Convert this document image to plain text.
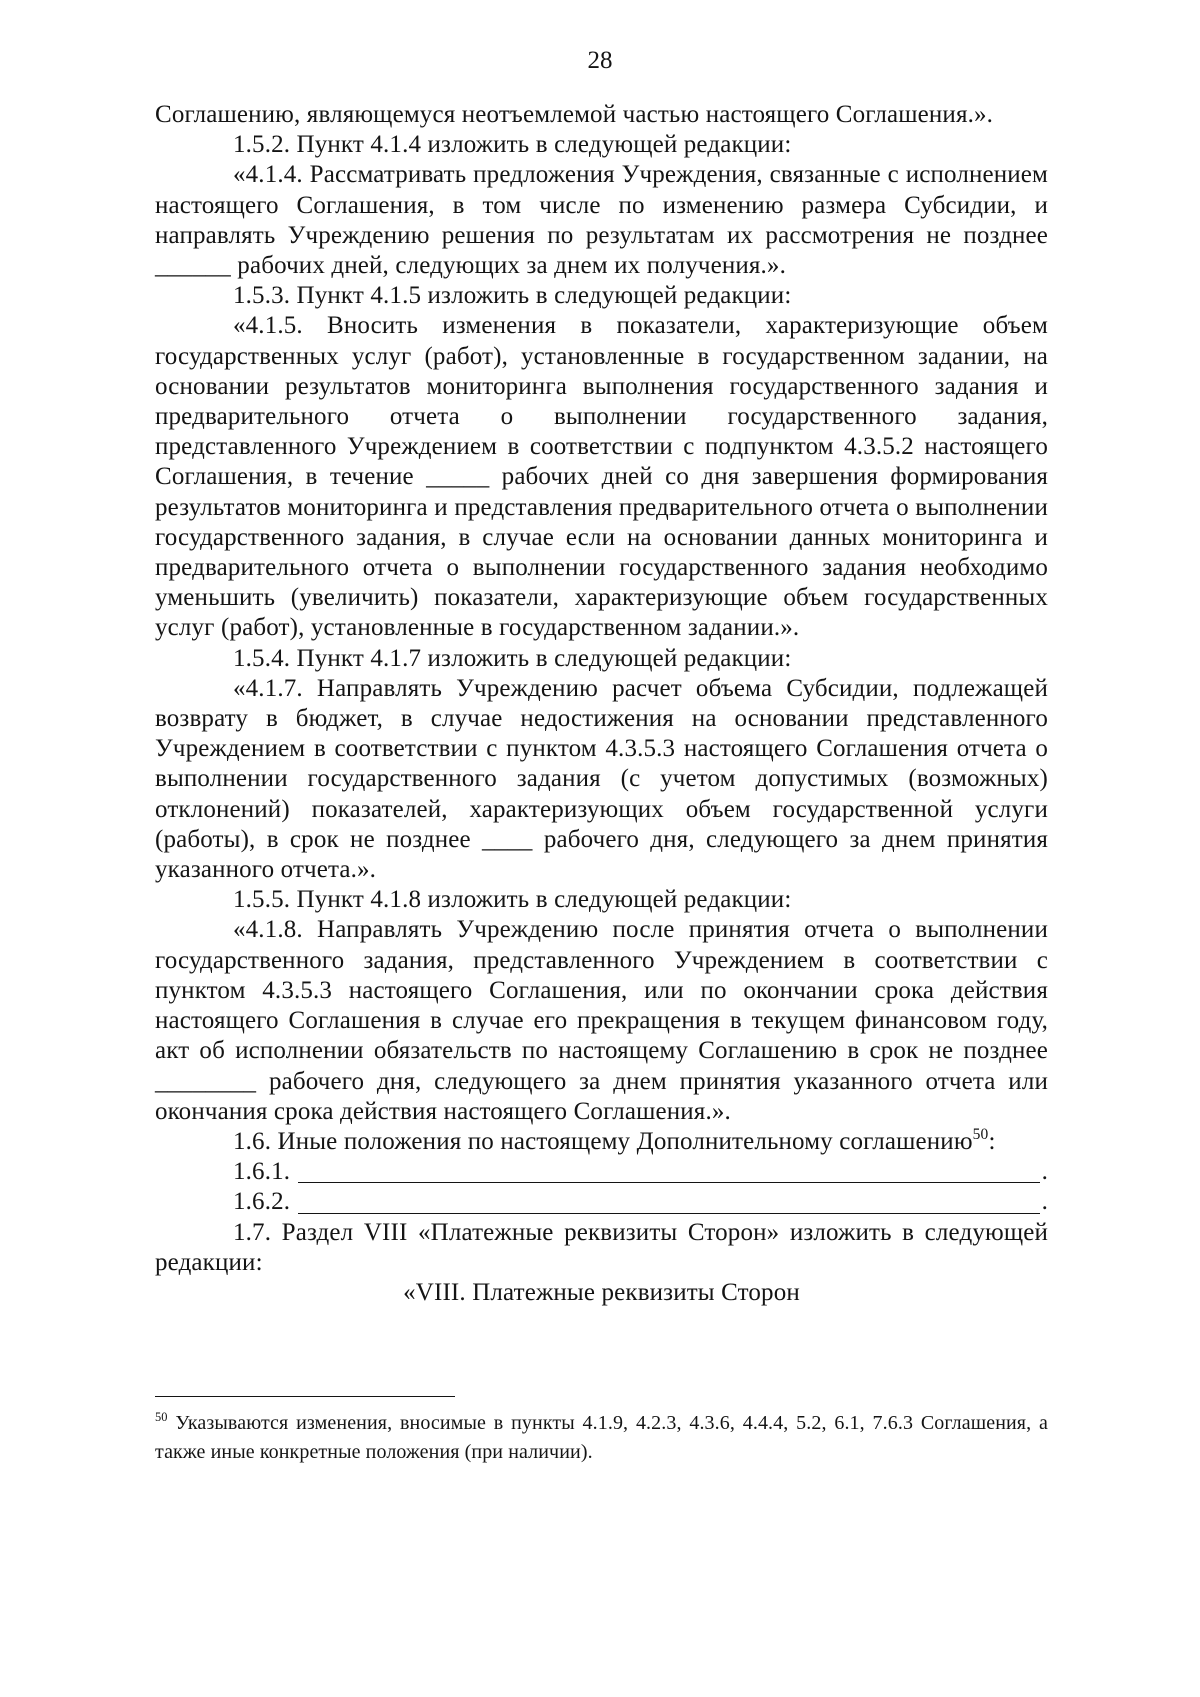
28

Соглашению, являющемуся неотъемлемой частью настоящего Соглашения.».

1.5.2. Пункт 4.1.4 изложить в следующей редакции:

«4.1.4. Рассматривать предложения Учреждения, связанные с исполнением настоящего Соглашения, в том числе по изменению размера Субсидии, и направлять Учреждению решения по результатам их рассмотрения не позднее ______ рабочих дней, следующих за днем их получения.».

1.5.3. Пункт 4.1.5 изложить в следующей редакции:

«4.1.5. Вносить изменения в показатели, характеризующие объем государственных услуг (работ), установленные в государственном задании, на основании результатов мониторинга выполнения государственного задания и предварительного отчета о выполнении государственного задания, представленного Учреждением в соответствии с подпунктом 4.3.5.2 настоящего Соглашения, в течение _____ рабочих дней со дня завершения формирования результатов мониторинга и представления предварительного отчета о выполнении государственного задания, в случае если на основании данных мониторинга и предварительного отчета о выполнении государственного задания необходимо уменьшить (увеличить) показатели, характеризующие объем государственных услуг (работ), установленные в государственном задании.».

1.5.4. Пункт 4.1.7 изложить в следующей редакции:

«4.1.7. Направлять Учреждению расчет объема Субсидии, подлежащей возврату в бюджет, в случае недостижения на основании представленного Учреждением в соответствии с пунктом 4.3.5.3 настоящего Соглашения отчета о выполнении государственного задания (с учетом допустимых (возможных) отклонений) показателей, характеризующих объем государственной услуги (работы), в срок не позднее ____ рабочего дня, следующего за днем принятия указанного отчета.».

1.5.5. Пункт 4.1.8 изложить в следующей редакции:

«4.1.8. Направлять Учреждению после принятия отчета о выполнении государственного задания, представленного Учреждением в соответствии с пунктом 4.3.5.3 настоящего Соглашения, или по окончании срока действия настоящего Соглашения в случае его прекращения в текущем финансовом году, акт об исполнении обязательств по настоящему Соглашению в срок не позднее ________ рабочего дня, следующего за днем принятия указанного отчета или окончания срока действия настоящего Соглашения.».

1.6. Иные положения по настоящему Дополнительному соглашению$^{50}$:

1.6.1.	.

1.6.2.	.

1.7. Раздел VIII «Платежные реквизиты Сторон» изложить в следующей редакции:

«VIII. Платежные реквизиты Сторон

$^{50}$ Указываются изменения, вносимые в пункты 4.1.9, 4.2.3, 4.3.6, 4.4.4, 5.2, 6.1, 7.6.3 Соглашения, а также иные конкретные положения (при наличии).
